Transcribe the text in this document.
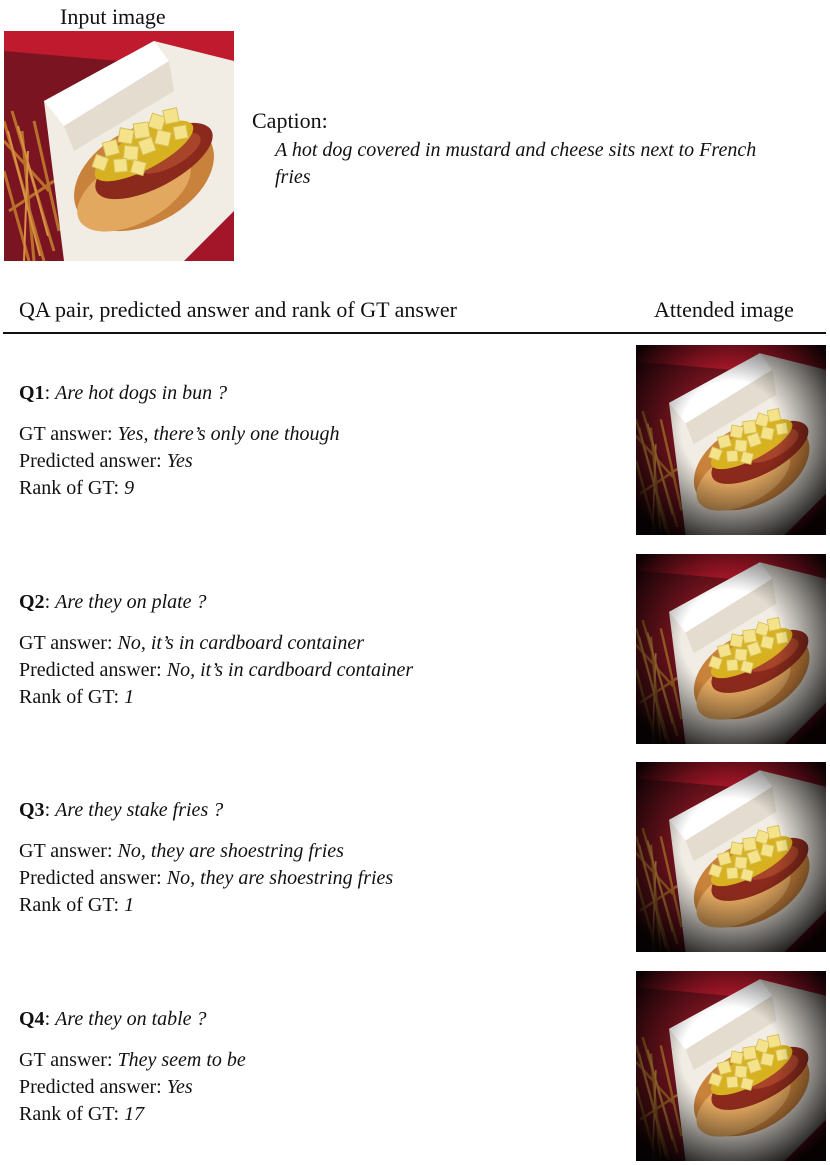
Input image
Caption:
A hot dog covered in mustard and cheese sits next to French fries
QA pair, predicted answer and rank of GT answer	Attended image
Q1: Are hot dogs in bun ?
GT answer: Yes, there’s only one though
Predicted answer: Yes
Rank of GT: 9
Q2: Are they on plate ?
GT answer: No, it’s in cardboard container
Predicted answer: No, it’s in cardboard container
Rank of GT: 1
Q3: Are they stake fries ?
GT answer: No, they are shoestring fries
Predicted answer: No, they are shoestring fries
Rank of GT: 1
Q4: Are they on table ?
GT answer: They seem to be
Predicted answer: Yes
Rank of GT: 17
